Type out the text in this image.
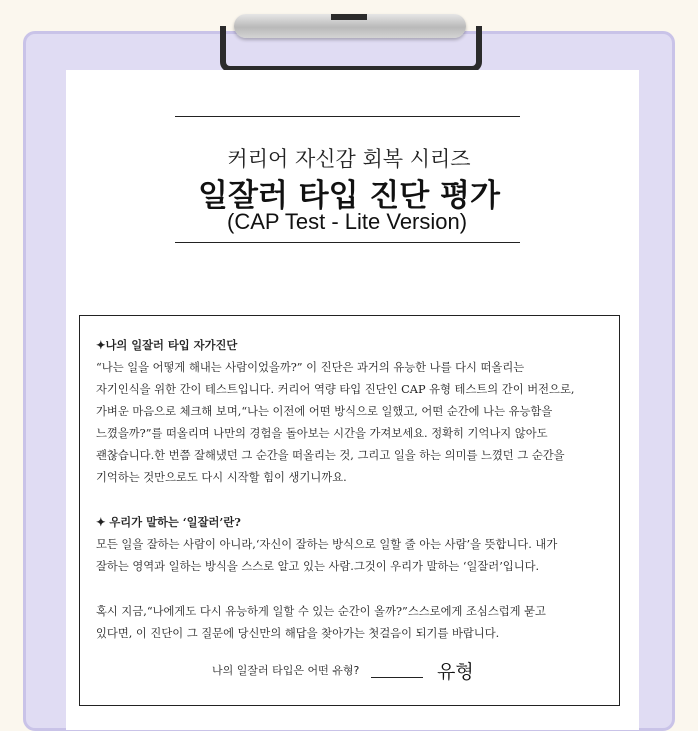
커리어 자신감 회복 시리즈
일잘러 타입 진단 평가
(CAP Test - Lite Version)
✦나의 일잘러 타입 자가진단
“나는 일을 어떻게 해내는 사람이었을까?” 이 진단은 과거의 유능한 나를 다시 떠올리는
자기인식을 위한 간이 테스트입니다. 커리어 역량 타입 진단인 CAP 유형 테스트의 간이 버전으로,
가벼운 마음으로 체크해 보며,“나는 이전에 어떤 방식으로 일했고, 어떤 순간에 나는 유능함을
느꼈을까?”를 떠올리며 나만의 경험을 돌아보는 시간을 가져보세요. 정확히 기억나지 않아도
괜찮습니다.한 번쯤 잘해냈던 그 순간을 떠올리는 것, 그리고 일을 하는 의미를 느꼈던 그 순간을
기억하는 것만으로도 다시 시작할 힘이 생기니까요.
✦ 우리가 말하는 ‘일잘러’란?
모든 일을 잘하는 사람이 아니라,‘자신이 잘하는 방식으로 일할 줄 아는 사람’을 뜻합니다. 내가
잘하는 영역과 일하는 방식을 스스로 알고 있는 사람.그것이 우리가 말하는 ‘일잘러’입니다.
혹시 지금,“나에게도 다시 유능하게 일할 수 있는 순간이 올까?”스스로에게 조심스럽게 묻고
있다면, 이 진단이 그 질문에 당신만의 해답을 찾아가는 첫걸음이 되기를 바랍니다.
나의 일잘러 타입은 어떤 유형?	유형
